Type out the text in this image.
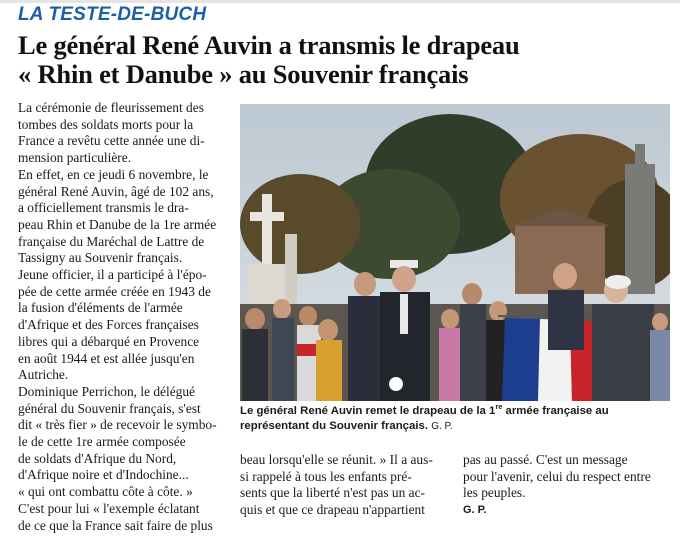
LA TESTE-DE-BUCH
Le général René Auvin a transmis le drapeau
« Rhin et Danube » au Souvenir français
La cérémonie de fleurissement des
tombes des soldats morts pour la
France a revêtu cette année une di-
mension particulière.
En effet, en ce jeudi 6 novembre, le
général René Auvin, âgé de 102 ans,
a officiellement transmis le dra-
peau Rhin et Danube de la 1re armée
française du Maréchal de Lattre de
Tassigny au Souvenir français.
Jeune officier, il a participé à l'épo-
pée de cette armée créée en 1943 de
la fusion d'éléments de l'armée
d'Afrique et des Forces françaises
libres qui a débarqué en Provence
en août 1944 et est allée jusqu'en
Autriche.
Dominique Perrichon, le délégué
général du Souvenir français, s'est
dit « très fier » de recevoir le symbo-
le de cette 1re armée composée
de soldats d'Afrique du Nord,
d'Afrique noire et d'Indochine...
« qui ont combattu côte à côte. »
C'est pour lui « l'exemple éclatant
de ce que la France sait faire de plus
Le général René Auvin remet le drapeau de la 1re armée française au représentant du Souvenir français. G. P.
beau lorsqu'elle se réunit. » Il a aus-
si rappelé à tous les enfants pré-
sents que la liberté n'est pas un ac-
quis et que ce drapeau n'appartient
pas au passé. C'est un message
pour l'avenir, celui du respect entre
les peuples.
G. P.
